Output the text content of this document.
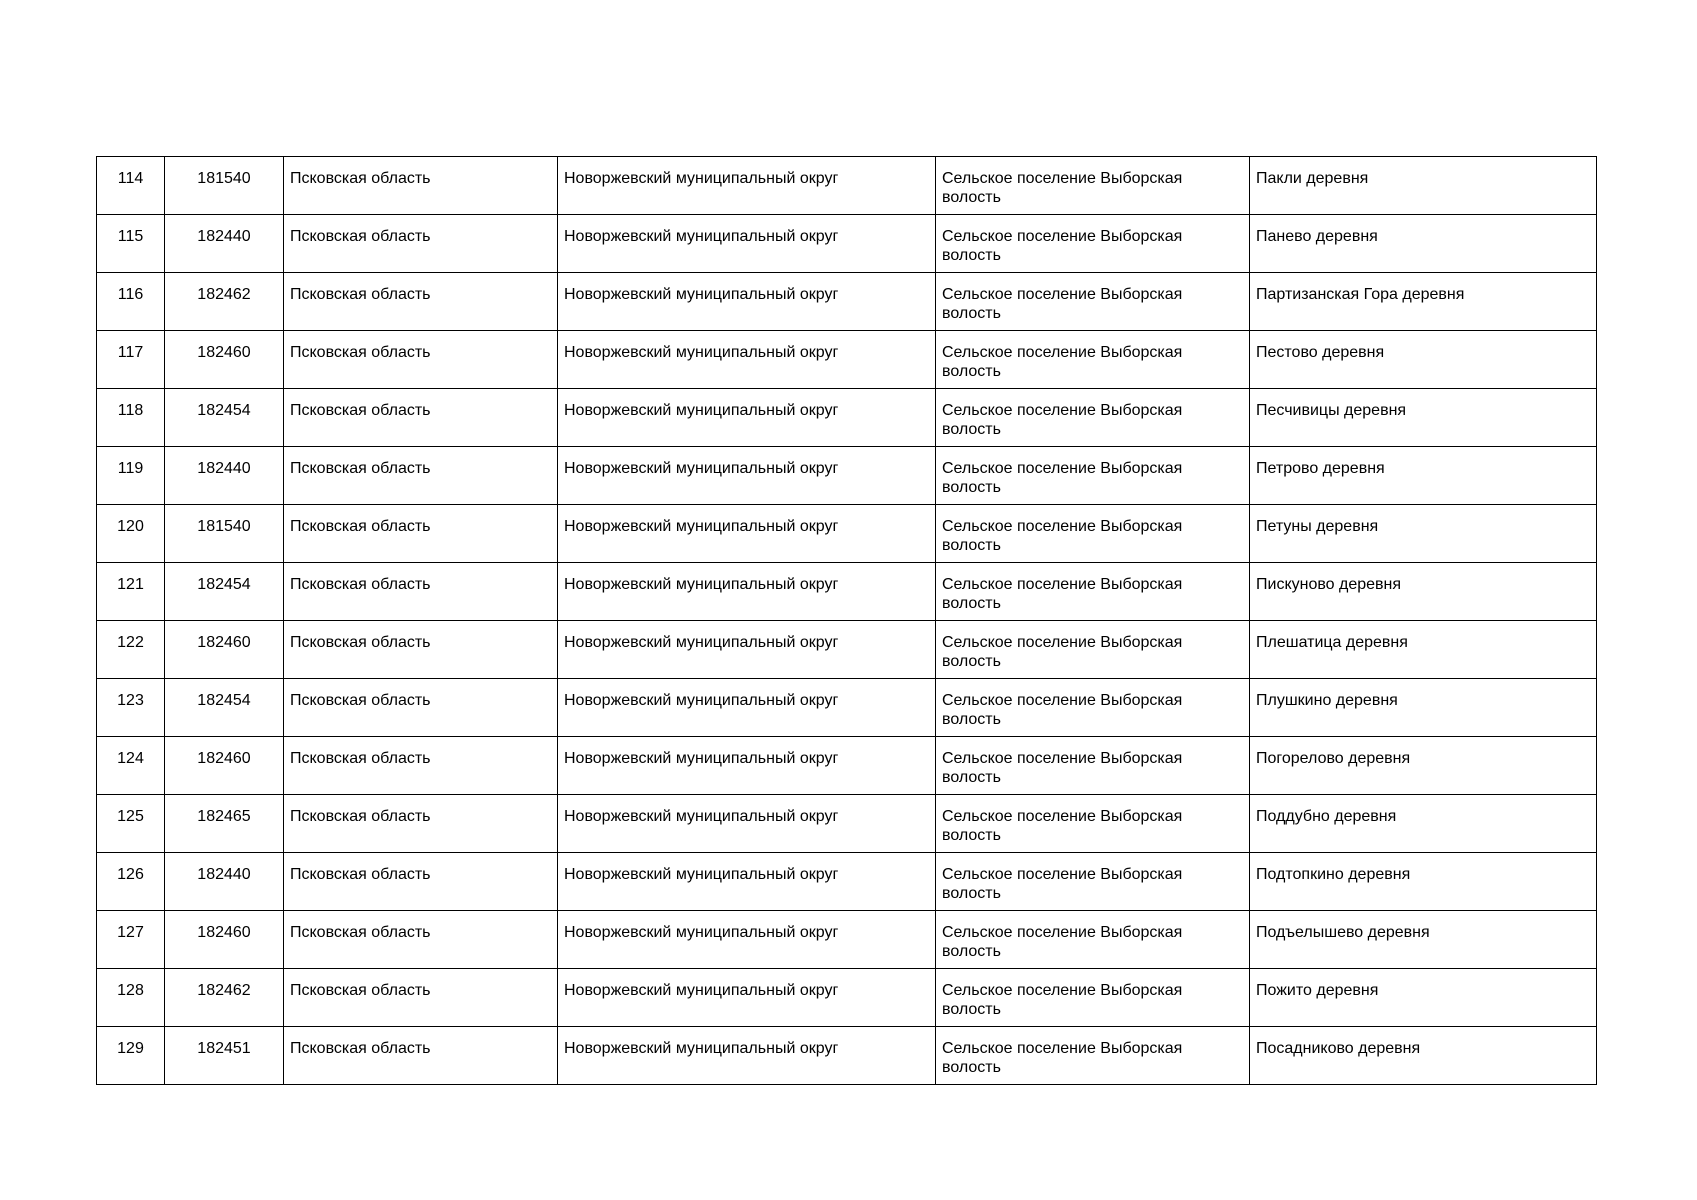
114	181540	Псковская область	Новоржевский муниципальный округ	Сельское поселение Выборская волость	Пакли деревня
115	182440	Псковская область	Новоржевский муниципальный округ	Сельское поселение Выборская волость	Панево деревня
116	182462	Псковская область	Новоржевский муниципальный округ	Сельское поселение Выборская волость	Партизанская Гора деревня
117	182460	Псковская область	Новоржевский муниципальный округ	Сельское поселение Выборская волость	Пестово деревня
118	182454	Псковская область	Новоржевский муниципальный округ	Сельское поселение Выборская волость	Песчивицы деревня
119	182440	Псковская область	Новоржевский муниципальный округ	Сельское поселение Выборская волость	Петрово деревня
120	181540	Псковская область	Новоржевский муниципальный округ	Сельское поселение Выборская волость	Петуны деревня
121	182454	Псковская область	Новоржевский муниципальный округ	Сельское поселение Выборская волость	Пискуново деревня
122	182460	Псковская область	Новоржевский муниципальный округ	Сельское поселение Выборская волость	Плешатица деревня
123	182454	Псковская область	Новоржевский муниципальный округ	Сельское поселение Выборская волость	Плушкино деревня
124	182460	Псковская область	Новоржевский муниципальный округ	Сельское поселение Выборская волость	Погорелово деревня
125	182465	Псковская область	Новоржевский муниципальный округ	Сельское поселение Выборская волость	Поддубно деревня
126	182440	Псковская область	Новоржевский муниципальный округ	Сельское поселение Выборская волость	Подтопкино деревня
127	182460	Псковская область	Новоржевский муниципальный округ	Сельское поселение Выборская волость	Подъелышево деревня
128	182462	Псковская область	Новоржевский муниципальный округ	Сельское поселение Выборская волость	Пожито деревня
129	182451	Псковская область	Новоржевский муниципальный округ	Сельское поселение Выборская волость	Посадниково деревня
